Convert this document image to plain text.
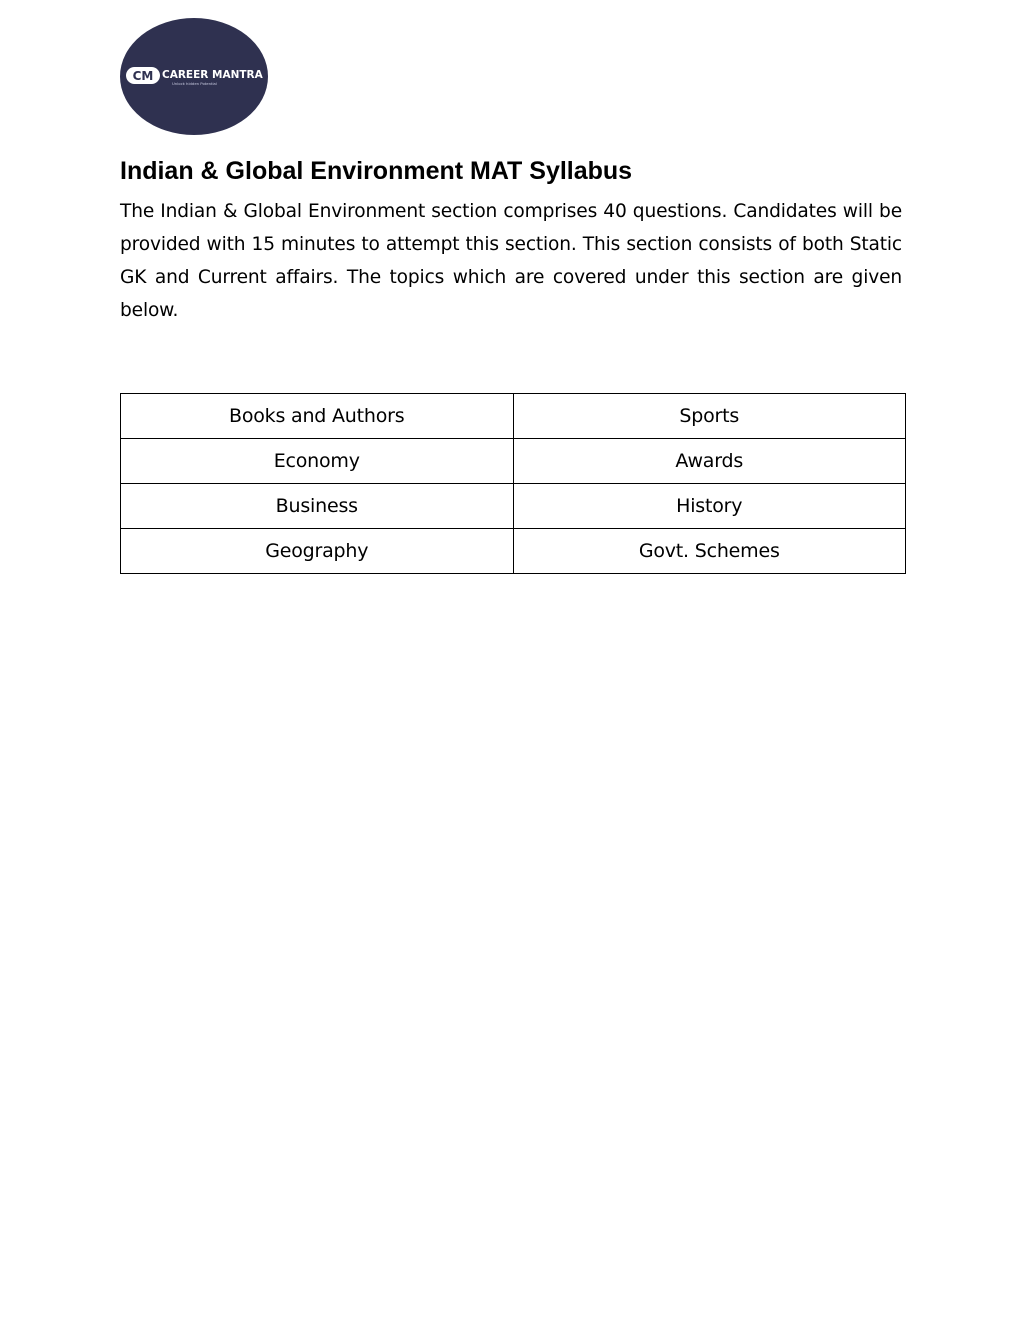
CM CAREER MANTRA
Unlock hidden Potential
Indian & Global Environment MAT Syllabus

The Indian & Global Environment section comprises 40 questions. Candidates will be provided with 15 minutes to attempt this section. This section consists of both Static GK and Current affairs. The topics which are covered under this section are given below.

Books and Authors	Sports
Economy	Awards
Business	History
Geography	Govt. Schemes
